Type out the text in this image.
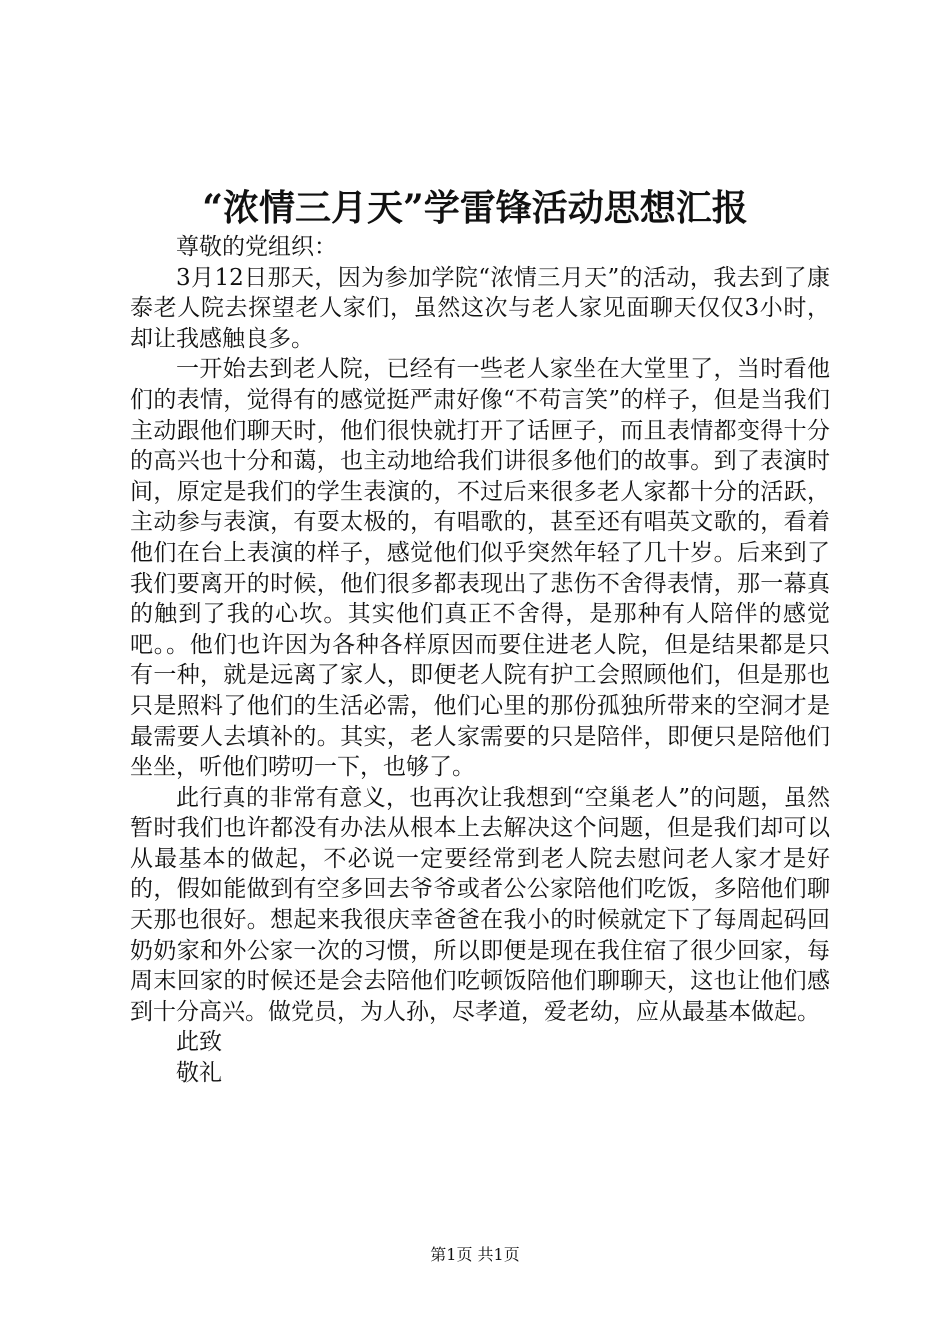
“浓情三月天”学雷锋活动思想汇报

尊敬的党组织：

3月12日那天，因为参加学院“浓情三月天”的活动，我去到了康泰老人院去探望老人家们，虽然这次与老人家见面聊天仅仅3小时，却让我感触良多。

一开始去到老人院，已经有一些老人家坐在大堂里了，当时看他们的表情，觉得有的感觉挺严肃好像“不苟言笑”的样子，但是当我们主动跟他们聊天时，他们很快就打开了话匣子，而且表情都变得十分的高兴也十分和蔼，也主动地给我们讲很多他们的故事。到了表演时间，原定是我们的学生表演的，不过后来很多老人家都十分的活跃，主动参与表演，有耍太极的，有唱歌的，甚至还有唱英文歌的，看着他们在台上表演的样子，感觉他们似乎突然年轻了几十岁。后来到了我们要离开的时候，他们很多都表现出了悲伤不舍得表情，那一幕真的触到了我的心坎。其实他们真正不舍得，是那种有人陪伴的感觉吧。。他们也许因为各种各样原因而要住进老人院，但是结果都是只有一种，就是远离了家人，即便老人院有护工会照顾他们，但是那也只是照料了他们的生活必需，他们心里的那份孤独所带来的空洞才是最需要人去填补的。其实，老人家需要的只是陪伴，即便只是陪他们坐坐，听他们唠叨一下，也够了。

此行真的非常有意义，也再次让我想到“空巢老人”的问题，虽然暂时我们也许都没有办法从根本上去解决这个问题，但是我们却可以从最基本的做起，不必说一定要经常到老人院去慰问老人家才是好的，假如能做到有空多回去爷爷或者公公家陪他们吃饭，多陪他们聊天那也很好。想起来我很庆幸爸爸在我小的时候就定下了每周起码回奶奶家和外公家一次的习惯，所以即便是现在我住宿了很少回家，每周末回家的时候还是会去陪他们吃顿饭陪他们聊聊天，这也让他们感到十分高兴。做党员，为人孙，尽孝道，爱老幼，应从最基本做起。

此致

敬礼

第1页 共1页
